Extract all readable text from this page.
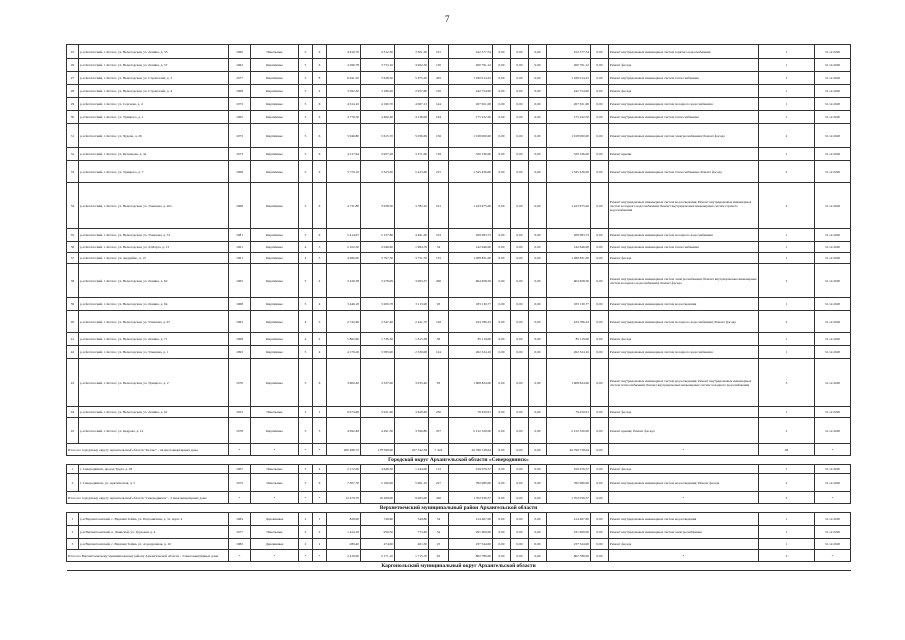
7
25	р-н Котласский, г. Котлас, ул. Вычегодская, ул. Ленина, д. 55	1960	Панельные	5	6	4 610,70	4 312,30	3 301,30	191	612 577,54	0,00	0,00	0,00	612 577,54	0,00	Ремонт внутридомовых инженерных систем горячего водоснабжения	1	31.12.2020
26	р-н Котласский, г. Котлас, ул. Вычегодская, ул. Ленина, д. 57	1962	Кирпичные	5	6	4 296,78	3 753,10	3 002,30	130	200 791,12	0,00	0,00	0,00	200 791,12	0,00	Ремонт фасада	1	31.12.2020
27	р-н Котласский, г. Котлас, ул. Вычегодская, ул. Строителей, д. 3	1977	Кирпичные	5	8	6 641,20	5 928,50	5 675,20	265	1 030 014,25	0,00	0,00	0,00	1 030 014,25	0,00	Ремонт внутридомовых инженерных систем теплоснабжения	1	31.12.2020
28	р-н Котласский, г. Котлас, ул. Вычегодская, ул. Строителей, д. 4	1968	Кирпичные	5	4	3 562,20	3 189,20	2 957,60	150	242 754,90	0,00	0,00	0,00	242 754,90	0,00	Ремонт фасада	1	31.12.2020
29	р-н Котласский, г. Котлас, ул. Сергеева, д. 4	1973	Кирпичные	5	6	4 614,10	4 190,70	4 067,13	144	267 651,00	0,00	0,00	0,00	267 651,00	0,00	Ремонт внутридомовых инженерных систем холодного водоснабжения	1	31.12.2020
30	р-н Котласский, г. Котлас, ул. Урицкого, д. 1	1965	Кирпичные	5	6	4 776,50	4 400,40	4 138,09	194	175 222,50	0,00	0,00	0,00	175 222,50	0,00	Ремонт внутридомовых инженерных систем теплоснабжения	1	31.12.2020
31	р-н Котласский, г. Котлас, ул. Чудова, д. 26	1973	Кирпичные	5	6	5 946,80	5 615,70	5 036,69	156	1 018 000,00	0,00	0,00	0,00	1 018 000,00	0,00	Ремонт внутридомовых инженерных систем электроснабжения; Ремонт фасада	2	31.12.2020
32	р-н Котласский, г. Котлас, ул. Кузнецова, д. 4а	1973	Кирпичные	5	6	4 317,94	3 957,28	3 271,60	139	320 336,00	0,00	0,00	0,00	320 336,00	0,00	Ремонт крыши	1	31.12.2020
33	р-н Котласский, г. Котлас, ул. Урицкого, д. 7	1968	Кирпичные	5	6	5 770,10	5 323,00	5 423,60	215	1 345 436,00	0,00	0,00	0,00	1 345 436,00	0,00	Ремонт внутридомовых инженерных систем теплоснабжения; Ремонт фасада	2	31.12.2020
34	р-н Котласский, г. Котлас, ул. Вычегодская, ул. Ульянова, д. 20а	1968	Кирпичные	5	6	4 731,80	3 938,50	3 782,10	191	1 423 975,00	0,00	0,00	0,00	1 423 975,00	0,00	Ремонт внутридомовых инженерных систем водоотведения; Ремонт внутридомовых инженерных систем холодного водоснабжения; Ремонт внутридомовых инженерных систем горячего водоснабжения	3	31.12.2020
35	р-н Котласский, г. Котлас, ул. Вычегодская, ул. Ульянова, д. 53	1981	Кирпичные	5	9	5 414,07	5 157,80	4 491,20	103	269 083,73	0,00	0,00	0,00	269 083,73	0,00	Ремонт внутридомовых инженерных систем холодного водоснабжения	1	31.12.2020
36	р-н Котласский, г. Котлас, ул. Вычегодская, ул. Д.Марта, д. 13	1961	Кирпичные	4	3	2 102,30	2 046,90	1 984,79	34	142 646,00	0,00	0,00	0,00	142 646,00	0,00	Ремонт внутридомовых инженерных систем теплоснабжения	1	31.12.2020
37	р-н Котласский, г. Котлас, ул. Андрейко, д. 15	1961	Кирпичные	4	5	4 080,00	3 797,30	3 751,70	155	1 289 831,00	0,00	0,00	0,00	1 289 831,00	0,00	Ремонт фасада	1	31.12.2020
38	р-н Котласский, г. Котлас, ул. Вычегодская, ул. Ленина, д. 62	1965	Кирпичные	5	4	3 220,58	3 278,09	3 063,37	200	604 658,56	0,00	0,00	0,00	604 658,56	0,00	Ремонт внутридомовых инженерных систем электроснабжения; Ремонт внутридомовых инженерных систем холодного водоснабжения; Ремонт фасада	3	31.12.2020
39	р-н Котласский, г. Котлас, ул. Вычегодская, ул. Ленина, д. 64	1968	Кирпичные	5	4	3 446,18	3 206,78	3 113,90	93	183 130,77	0,00	0,00	0,00	183 130,77	0,00	Ремонт внутридомовых инженерных систем водоотведения	1	31.12.2020
40	р-н Котласский, г. Котлас, ул. Вычегодская, ул. Ульянова, д. 67	1963	Кирпичные	4	3	2 742,96	2 547,46	2 441,70	126	434 786,23	0,00	0,00	0,00	434 786,23	0,00	Ремонт внутридомовых инженерных систем холодного водоснабжения; Ремонт фасада	2	31.12.2020
41	р-н Котласский, г. Котлас, ул. Вычегодская, ул. Ленина, д. 71	1968	Кирпичные	4	2	1 862,90	1 736,30	1 615,38	36	85 119,00	0,00	0,00	0,00	85 119,00	0,00	Ремонт фасада	1	31.12.2020
42	р-н Котласский, г. Котлас, ул. Вычегодская, ул. Ульянова, д. 1	1993	Кирпичные	5	4	4 176,20	3 585,90	2 330,00	124	262 324,16	0,00	0,00	0,00	262 324,16	0,00	Ремонт внутридомовых инженерных систем холодного водоснабжения	1	31.12.2020
43	р-н Котласский, г. Котлас, ул. Вычегодская, ул. Урицкого, д. 2	1976	Кирпичные	5	6	3 600,40	3 337,00	3 035,40	93	1 608 824,00	0,00	0,00	0,00	1 608 824,00	0,00	Ремонт внутридомовых инженерных систем водоотведения; Ремонт внутридомовых инженерных систем теплоснабжения; Ремонт внутридомовых инженерных систем холодного водоснабжения	3	31.12.2020
44	р-н Котласский, г. Котлас, ул. Вычегодская, ул. Ленина, д. 61	1953	Панельные	3	1	6 974,96	5 931,60	3 629,40	230	79 450,91	0,00	0,00	0,00	79 450,91	0,00	Ремонт фасада	1	31.12.2020
45	р-н Котласский, г. Котлас, ул. Кедрова, д. 14	1978	Кирпичные	5	3	4 092,48	4 291,50	3 590,80	257	2 212 320,00	0,00	0,00	0,00	2 212 320,00	0,00	Ремонт крыши; Ремонт фасада	2	31.12.2020
Итого по городскому округу Архангельской области "Котлас" - 44 многоквартирных дома		*	*	*	*	200 498,72	178 599,90	167 342,38	7 424	26 796 728,04	0,00	0,00	0,00	26 796 728,04	0,00	*	48	*
Городской округ Архангельской области «Северодвинск»																		
1	г. Северодвинск, проезд Труда, д. 28	1967	Панельные	5	4	2 172,00	4 648,50	1 244,00	113	919 976,57	0,00	0,00	0,00	919 976,57	0,00	Ремонт фасада	1	31.12.2020
2	г. Северодвинск, ул. Арктическая, д. 5	1975	Панельные	5	6	7 307,70	5 160,00	5 961,10	227	782 080,00	0,00	0,00	0,00	782 080,00	0,00	Ремонт внутридомовых инженерных систем водоотведения; Ремонт фасада	2	31.12.2020
Итого по городскому округу Архангельской области "Северодвинск" - 2 многоквартирных дома		*	*	*	*	12 479,70	10 208,00	9 005,00	340	1 702 056,57	0,00	0,00	0,00	1 702 056,57	0,00	*	3	*
Верхнетоемский муниципальный район Архангельской области																		
1	р-н Верхнетоемский, с. Верхняя Тойма, ул. Пограничная, д. 31, корп. 4	1984	Деревянные	2	1	828,00	749,60	549,80	34	214 467,00	0,00	0,00	0,00	214 467,00	0,00	Ремонт внутридомовых инженерных систем водоотведения	1	31.12.2020
2	р-н Верхнетоемский, п. Двинской, ул. Трудовая, д. 4	1977	Панельные	2	2	1 424,18	956,50	773,40	34	291 609,00	0,00	0,00	0,00	231 609,00	0,00	Ремонт внутридомовых инженерных систем электроснабжения	1	31.12.2020
3	р-н Верхнетоемский, с. Верхняя Тойма, ул. Аэродромная, д. 16	1982	Деревянные	2	2	289,40	474,00	401,50	25	237 544,00	0,00	0,00	0,00	237 544,00	0,00	Ремонт фасада	1	31.12.2020
Итого по Верхнетоемскому муниципальному району Архангельской области - 3 многоквартирных дома		*	*	*	*	2 419,00	2 171,10	1 715,70	93	802 780,00	0,00	0,00	0,00	802 780,00	0,00	*	3	*
Каргопольский муниципальный округ Архангельской области																		
